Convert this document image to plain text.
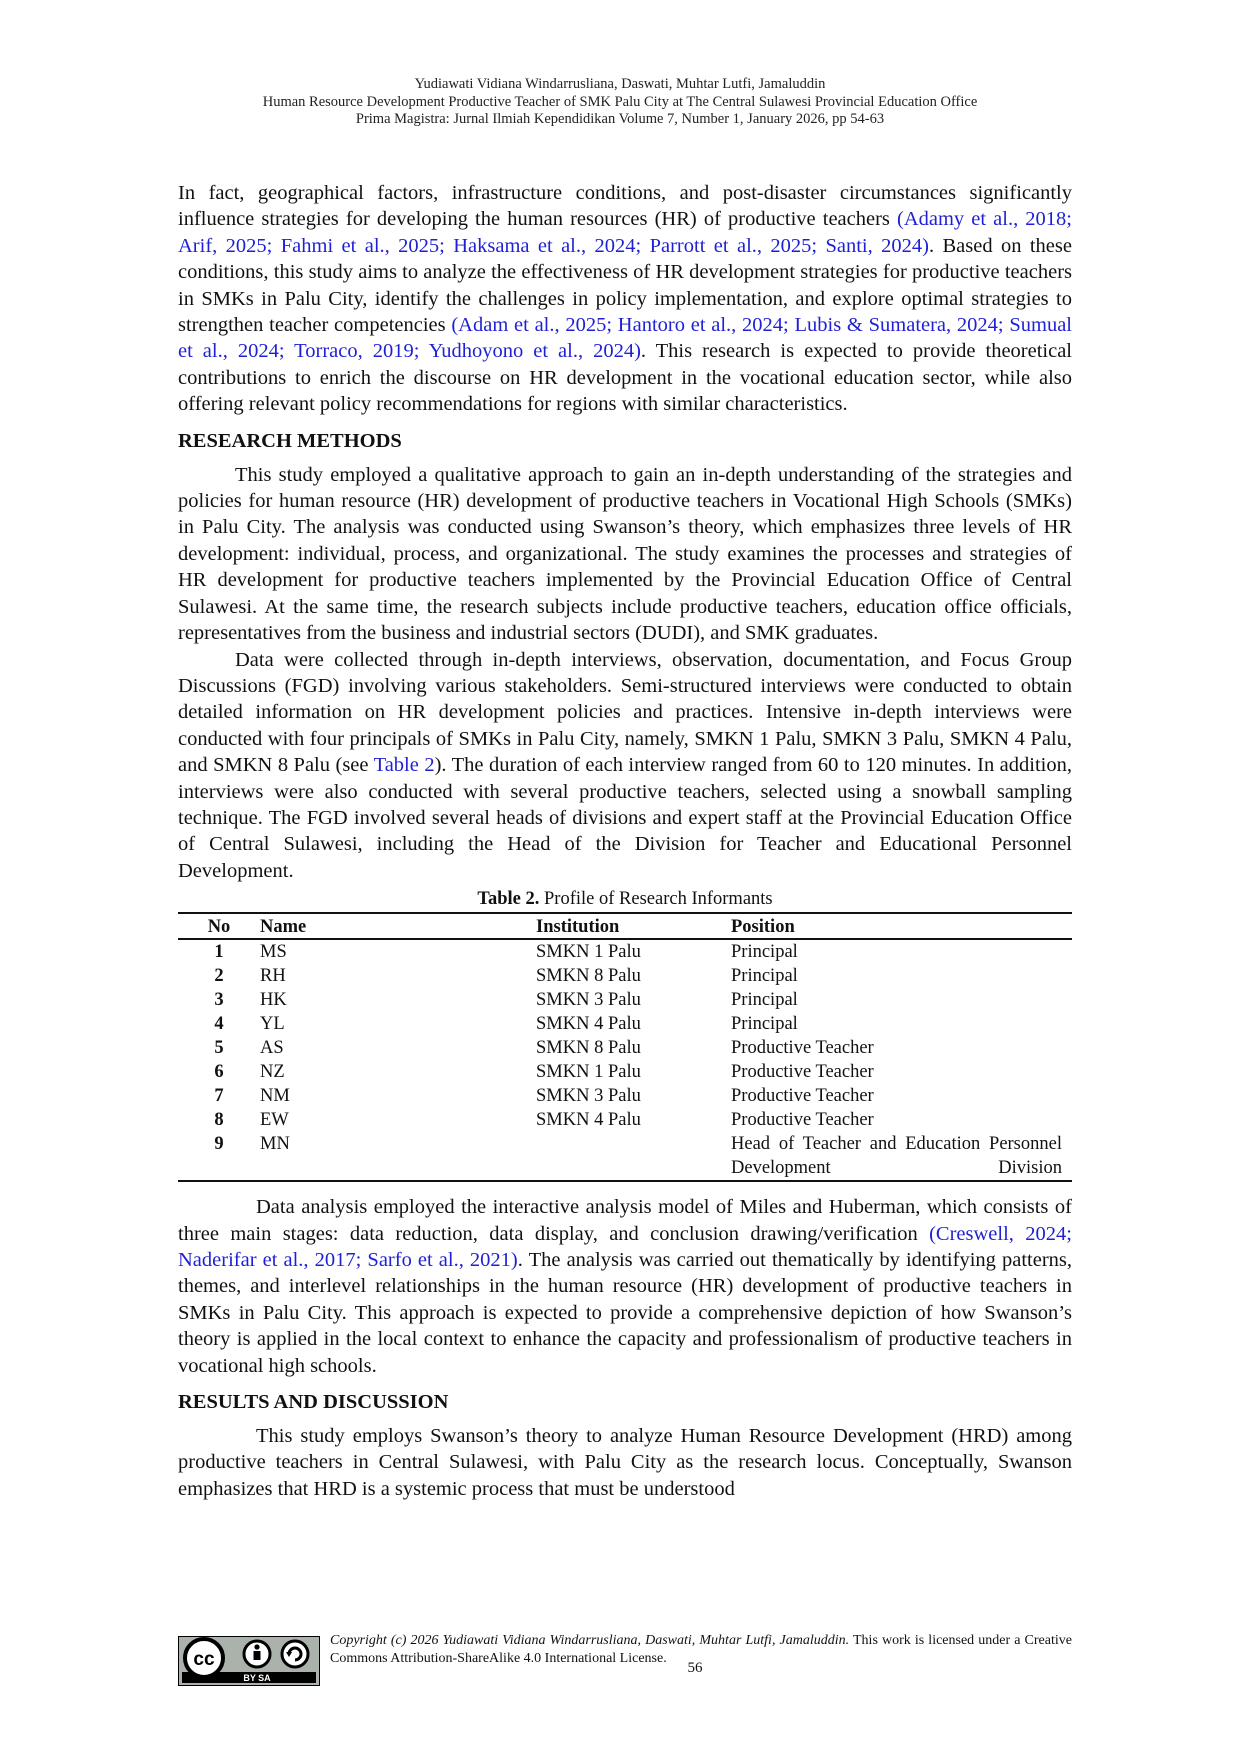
Yudiawati Vidiana Windarrusliana, Daswati, Muhtar Lutfi, Jamaluddin
Human Resource Development Productive Teacher of SMK Palu City at The Central Sulawesi Provincial Education Office
Prima Magistra: Jurnal Ilmiah Kependidikan Volume 7, Number 1, January 2026, pp 54-63

In fact, geographical factors, infrastructure conditions, and post-disaster circumstances significantly influence strategies for developing the human resources (HR) of productive teachers (Adamy et al., 2018; Arif, 2025; Fahmi et al., 2025; Haksama et al., 2024; Parrott et al., 2025; Santi, 2024). Based on these conditions, this study aims to analyze the effectiveness of HR development strategies for productive teachers in SMKs in Palu City, identify the challenges in policy implementation, and explore optimal strategies to strengthen teacher competencies (Adam et al., 2025; Hantoro et al., 2024; Lubis & Sumatera, 2024; Sumual et al., 2024; Torraco, 2019; Yudhoyono et al., 2024). This research is expected to provide theoretical contributions to enrich the discourse on HR development in the vocational education sector, while also offering relevant policy recommendations for regions with similar characteristics.

RESEARCH METHODS

This study employed a qualitative approach to gain an in-depth understanding of the strategies and policies for human resource (HR) development of productive teachers in Vocational High Schools (SMKs) in Palu City. The analysis was conducted using Swanson’s theory, which emphasizes three levels of HR development: individual, process, and organizational. The study examines the processes and strategies of HR development for productive teachers implemented by the Provincial Education Office of Central Sulawesi. At the same time, the research subjects include productive teachers, education office officials, representatives from the business and industrial sectors (DUDI), and SMK graduates.

Data were collected through in-depth interviews, observation, documentation, and Focus Group Discussions (FGD) involving various stakeholders. Semi-structured interviews were conducted to obtain detailed information on HR development policies and practices. Intensive in-depth interviews were conducted with four principals of SMKs in Palu City, namely, SMKN 1 Palu, SMKN 3 Palu, SMKN 4 Palu, and SMKN 8 Palu (see Table 2). The duration of each interview ranged from 60 to 120 minutes. In addition, interviews were also conducted with several productive teachers, selected using a snowball sampling technique. The FGD involved several heads of divisions and expert staff at the Provincial Education Office of Central Sulawesi, including the Head of the Division for Teacher and Educational Personnel Development.

Table 2. Profile of Research Informants
No	Name	Institution	Position
1	MS	SMKN 1 Palu	Principal
2	RH	SMKN 8 Palu	Principal
3	HK	SMKN 3 Palu	Principal
4	YL	SMKN 4 Palu	Principal
5	AS	SMKN 8 Palu	Productive Teacher
6	NZ	SMKN 1 Palu	Productive Teacher
7	NM	SMKN 3 Palu	Productive Teacher
8	EW	SMKN 4 Palu	Productive Teacher
9	MN		Head of Teacher and Education Personnel Development Division

Data analysis employed the interactive analysis model of Miles and Huberman, which consists of three main stages: data reduction, data display, and conclusion drawing/verification (Creswell, 2024; Naderifar et al., 2017; Sarfo et al., 2021). The analysis was carried out thematically by identifying patterns, themes, and interlevel relationships in the human resource (HR) development of productive teachers in SMKs in Palu City. This approach is expected to provide a comprehensive depiction of how Swanson’s theory is applied in the local context to enhance the capacity and professionalism of productive teachers in vocational high schools.

RESULTS AND DISCUSSION

This study employs Swanson’s theory to analyze Human Resource Development (HRD) among productive teachers in Central Sulawesi, with Palu City as the research locus. Conceptually, Swanson emphasizes that HRD is a systemic process that must be understood

cc
BY SA
Copyright (c) 2026 Yudiawati Vidiana Windarrusliana, Daswati, Muhtar Lutfi, Jamaluddin. This work is licensed under a Creative Commons Attribution-ShareAlike 4.0 International License.
56
